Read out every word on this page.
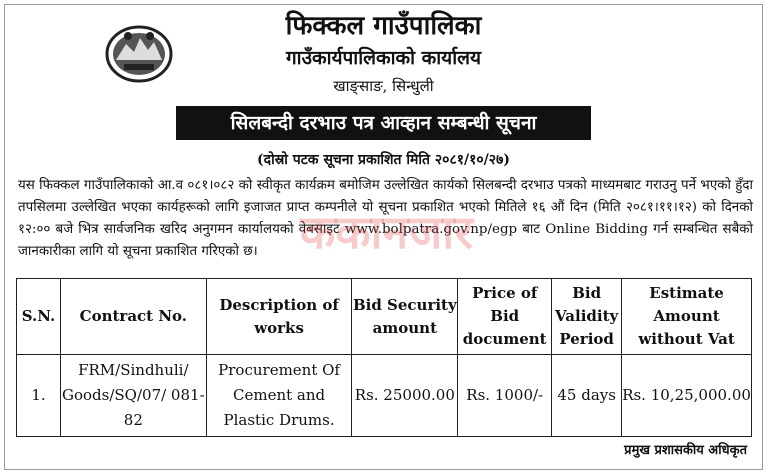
फिक्कल गाउँपालिका
गाउँकार्यपालिकाको कार्यालय
खाङ्साङ, सिन्धुली
सिलबन्दी दरभाउ पत्र आव्हान सम्बन्धी सूचना
(दोस्रो पटक सूचना प्रकाशित मिति २०८१/१०/२७)
यस फिक्कल गाउँपालिकाको आ.व ०८१।०८२ को स्वीकृत कार्यक्रम बमोजिम उल्लेखित कार्यको सिलबन्दी दरभाउ पत्रको माध्यमबाट गराउनु पर्ने भएको हुँदा तपसिलमा उल्लेखित भएका कार्यहरूको लागि इजाजत प्राप्त कम्पनीले यो सूचना प्रकाशित भएको मितिले १६ औं दिन (मिति २०८१।११।१२) को दिनको १२:०० बजे भित्र सार्वजनिक खरिद अनुगमन कार्यालयको वेबसाइट www.bolpatra.gov.np/egp बाट Online Bidding गर्न सम्बन्धित सबैको जानकारीका लागि यो सूचना प्रकाशित गरिएको छ। ककानजार
S.N.	Contract No.	Description of works	Bid Security amount	Price of Bid document	Bid Validity Period	Estimate Amount without Vat
1.	FRM/Sindhuli/ Goods/SQ/07/ 081-82	Procurement Of Cement and Plastic Drums.	Rs. 25000.00	Rs. 1000/-	45 days	Rs. 10,25,000.00
प्रमुख प्रशासकीय अधिकृत
